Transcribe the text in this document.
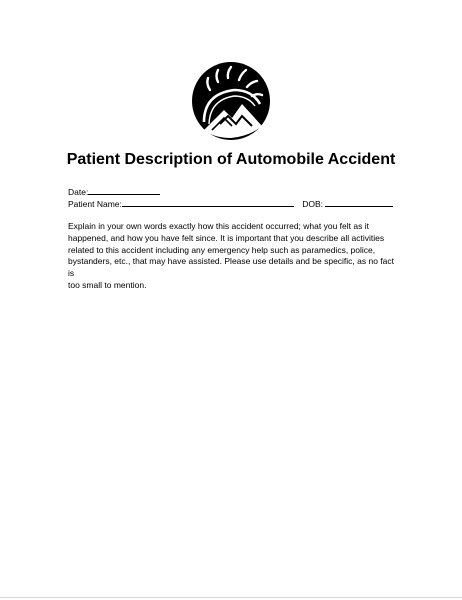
Patient Description of Automobile Accident
Date:
Patient Name:	DOB:
Explain in your own words exactly how this accident occurred; what you felt as it
happened, and how you have felt since. It is important that you describe all activities
related to this accident including any emergency help such as paramedics, police,
bystanders, etc., that may have assisted. Please use details and be specific, as no fact is
too small to mention.
